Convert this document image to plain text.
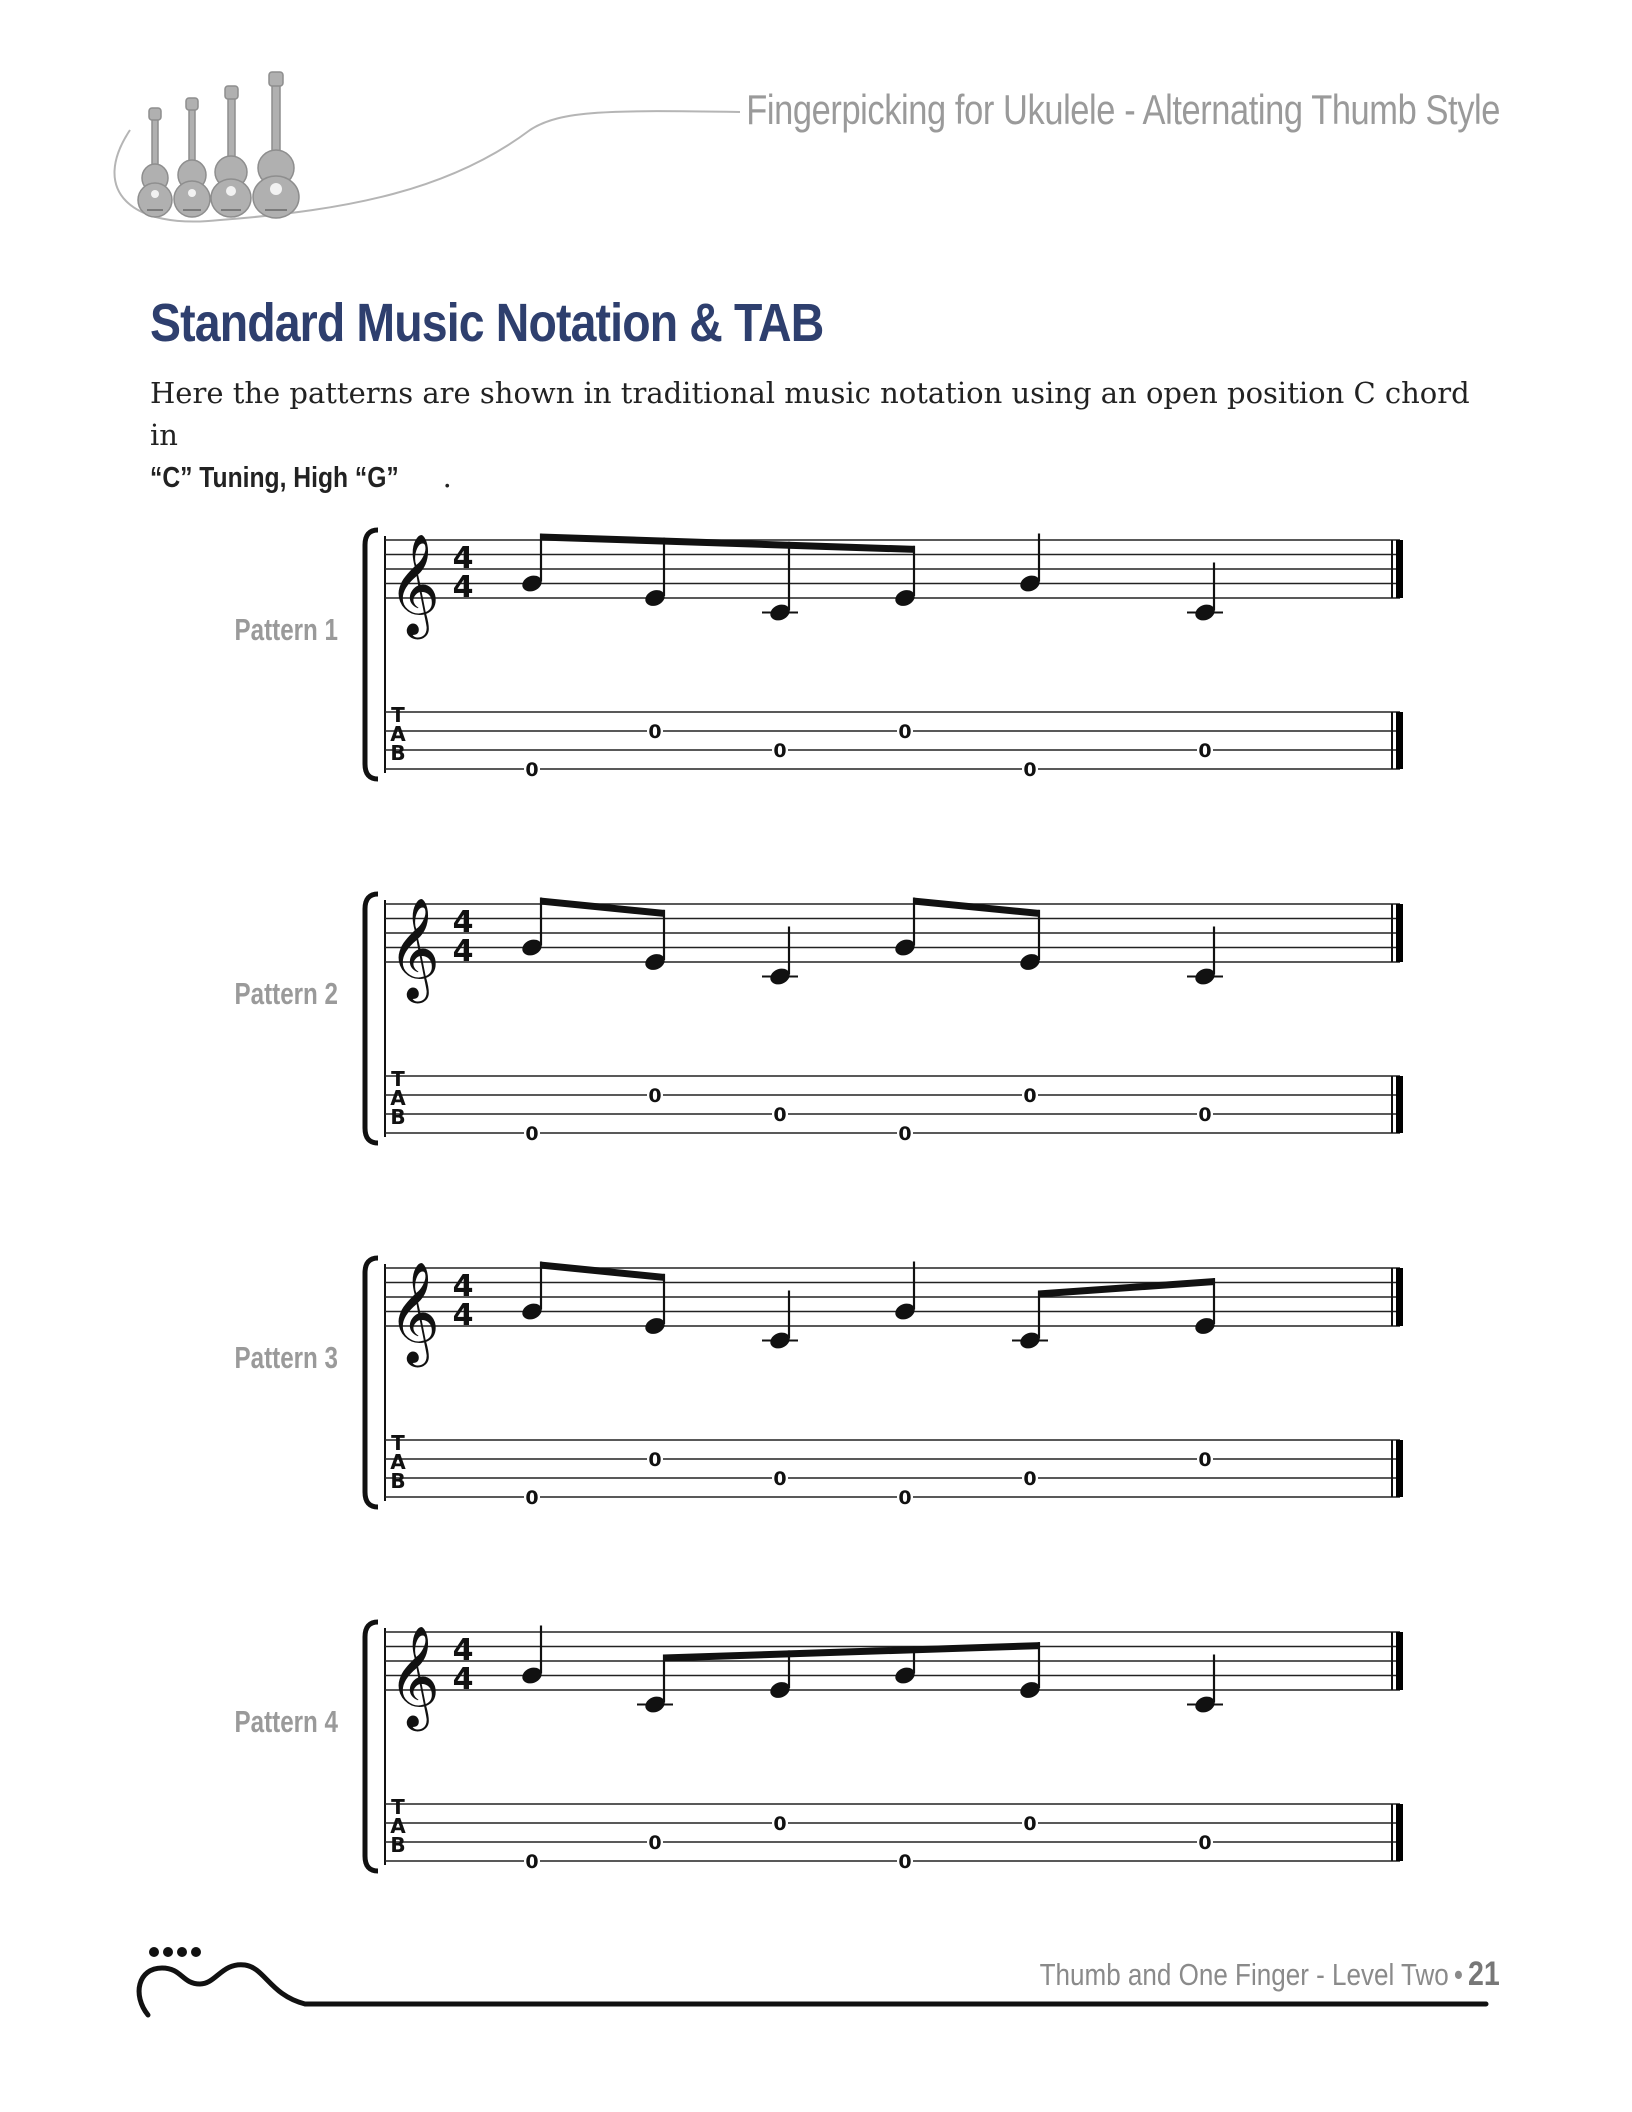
Fingerpicking for Ukulele - Alternating Thumb Style
Standard Music Notation & TAB
Here the patterns are shown in traditional music notation using an open position C chord in
“C” Tuning, High “G” .
Pattern 1
Pattern 2
Pattern 3
Pattern 4
𝄞 4
4
T
A
B
0
0
0
0
0
0
𝄞 4
4
T
A
B
0
0
0
0
0
0
𝄞 4
4
T
A
B
0
0
0
0
0
0
𝄞 4
4
T
A
B
0
0
0
0
0
0
Thumb and One Finger - Level Two • 21
